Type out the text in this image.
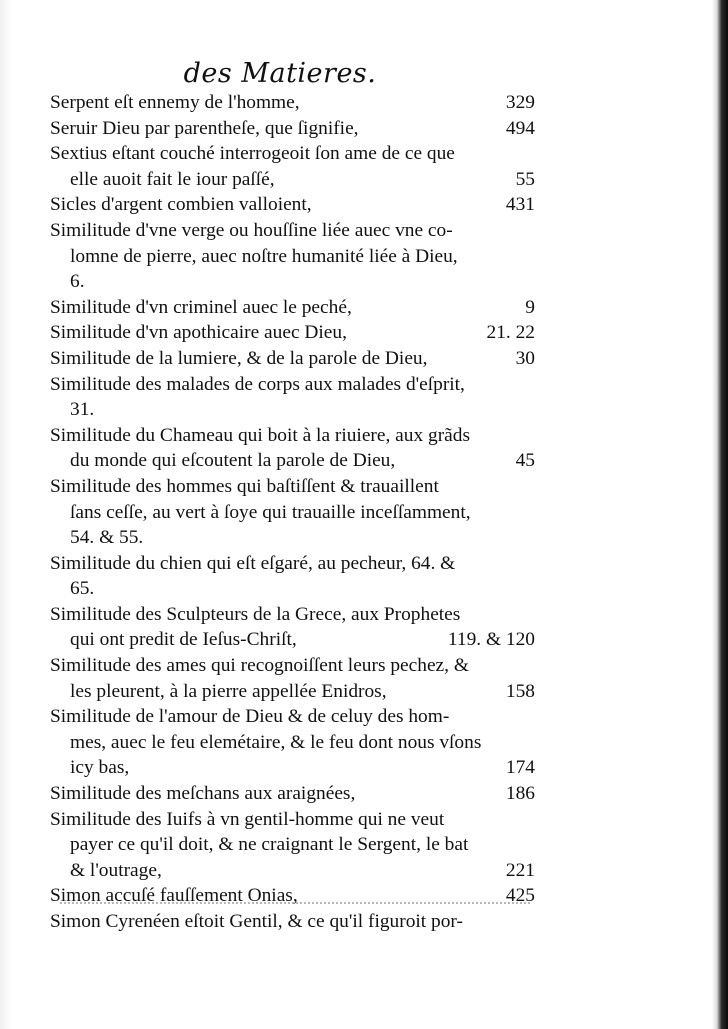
des Matieres.
Serpent eſt ennemy de l'homme,	329
Seruir Dieu par parentheſe, que ſignifie,	494
Sextius eſtant couché interrogeoit ſon ame de ce que
elle auoit fait le iour paſſé,	55
Sicles d'argent combien valloient,	431
Similitude d'vne verge ou houſſine liée auec vne co-
lomne de pierre, auec noſtre humanité liée à Dieu,
6.
Similitude d'vn criminel auec le peché,	9
Similitude d'vn apothicaire auec Dieu,	21. 22
Similitude de la lumiere, & de la parole de Dieu,	30
Similitude des malades de corps aux malades d'eſprit,
31.
Similitude du Chameau qui boit à la riuiere, aux grãds
du monde qui eſcoutent la parole de Dieu,	45
Similitude des hommes qui baſtiſſent & trauaillent
ſans ceſſe, au vert à ſoye qui trauaille inceſſamment,
54. & 55.
Similitude du chien qui eſt eſgaré, au pecheur, 64. &
65.
Similitude des Sculpteurs de la Grece, aux Prophetes
qui ont predit de Ieſus-Chriſt,	119. & 120
Similitude des ames qui recognoiſſent leurs pechez, &
les pleurent, à la pierre appellée Enidros,	158
Similitude de l'amour de Dieu & de celuy des hom-
mes, auec le feu elemétaire, & le feu dont nous vſons
icy bas,	174
Similitude des meſchans aux araignées,	186
Similitude des Iuifs à vn gentil-homme qui ne veut
payer ce qu'il doit, & ne craignant le Sergent, le bat
& l'outrage,	221
Simon accuſé fauſſement Onias,	425
Simon Cyrenéen eſtoit Gentil, & ce qu'il figuroit por-
